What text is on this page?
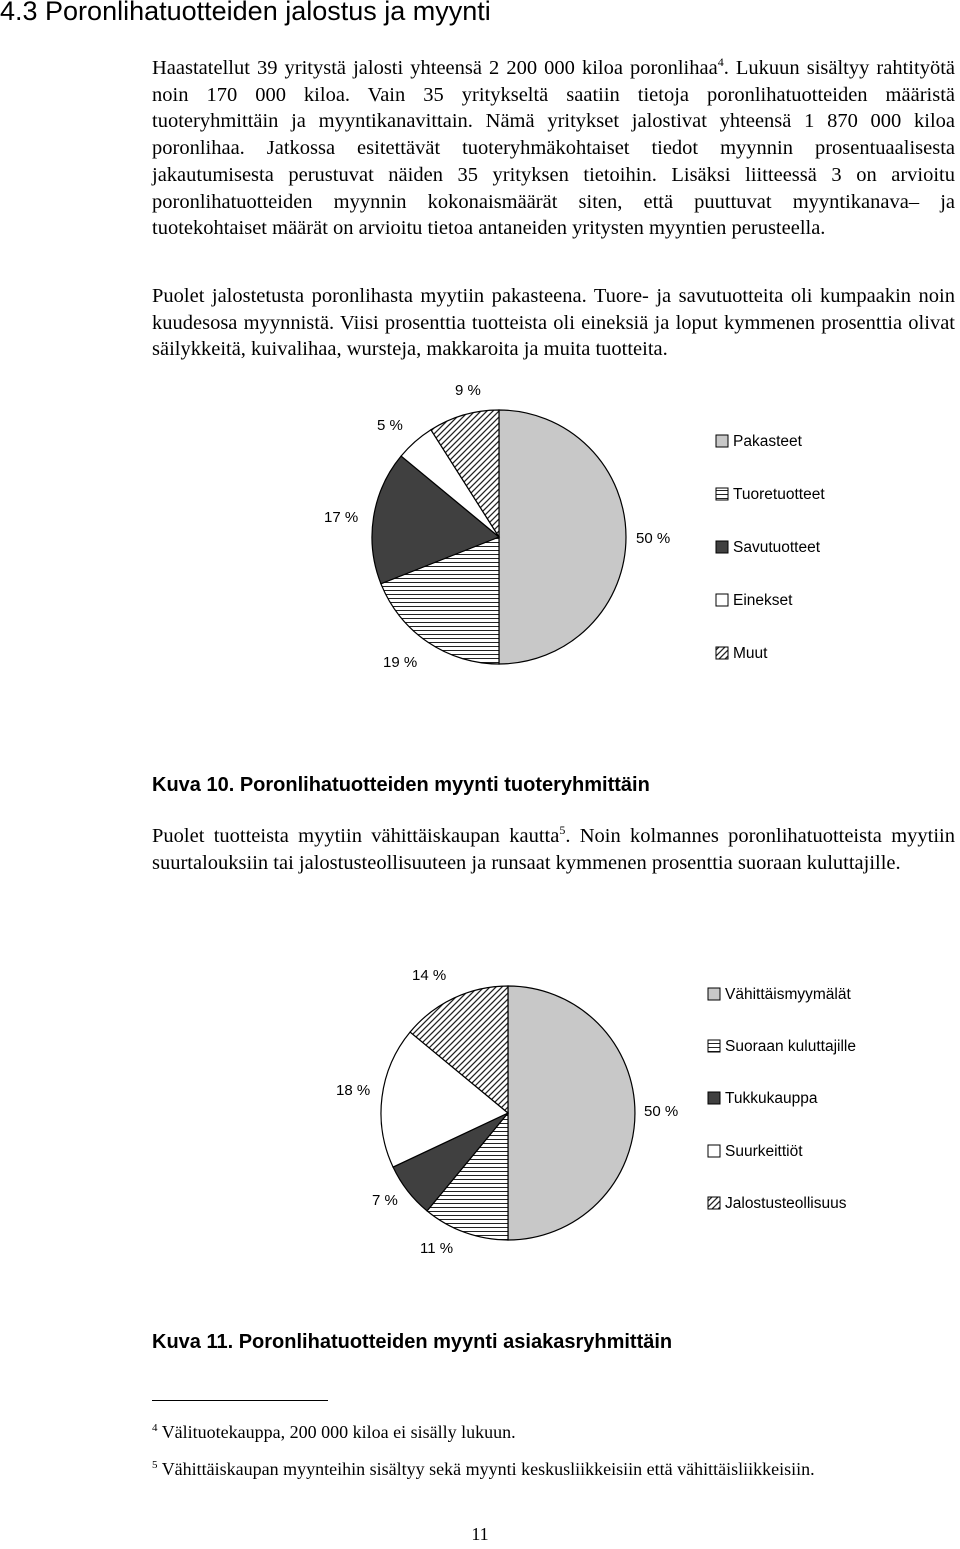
4.3 Poronlihatuotteiden jalostus ja myynti

Haastatellut 39 yritystä jalosti yhteensä 2 200 000 kiloa poronlihaa$^4$. Lukuun sisältyy rahtityötä noin 170 000 kiloa. Vain 35 yritykseltä saatiin tietoja poronlihatuotteiden määristä tuoteryhmittäin ja myyntikanavittain. Nämä yritykset jalostivat yhteensä 1 870 000 kiloa poronlihaa. Jatkossa esitettävät tuoteryhmäkohtaiset tiedot myynnin prosentuaalisesta jakautumisesta perustuvat näiden 35 yrityksen tietoihin. Lisäksi liitteessä 3 on arvioitu poronlihatuotteiden myynnin kokonaismäärät siten, että puuttuvat myyntikanava– ja tuotekohtaiset määrät on arvioitu tietoa antaneiden yritysten myyntien perusteella.

Puolet jalostetusta poronlihasta myytiin pakasteena. Tuore- ja savutuotteita oli kumpaakin noin kuudesosa myynnistä. Viisi prosenttia tuotteista oli eineksiä ja loput kymmenen prosenttia olivat säilykkeitä, kuivalihaa, wursteja, makkaroita ja muita tuotteita.

50 %
19 %
17 %
5 %
9 %
Pakasteet
Tuoretuotteet
Savutuotteet
Einekset
Muut
Kuva 10. Poronlihatuotteiden myynti tuoteryhmittäin

Puolet tuotteista myytiin vähittäiskaupan kautta$^5$. Noin kolmannes poronlihatuotteista myytiin suurtalouksiin tai jalostusteollisuuteen ja runsaat kymmenen prosenttia suoraan kuluttajille.

50 %
11 %
7 %
18 %
14 %
Vähittäismyymälät
Suoraan kuluttajille
Tukkukauppa
Suurkeittiöt
Jalostusteollisuus
Kuva 11. Poronlihatuotteiden myynti asiakasryhmittäin
$^4$ Välituotekauppa, 200 000 kiloa ei sisälly lukuun.
$^5$ Vähittäiskaupan myynteihin sisältyy sekä myynti keskusliikkeisiin että vähittäisliikkeisiin.
11
